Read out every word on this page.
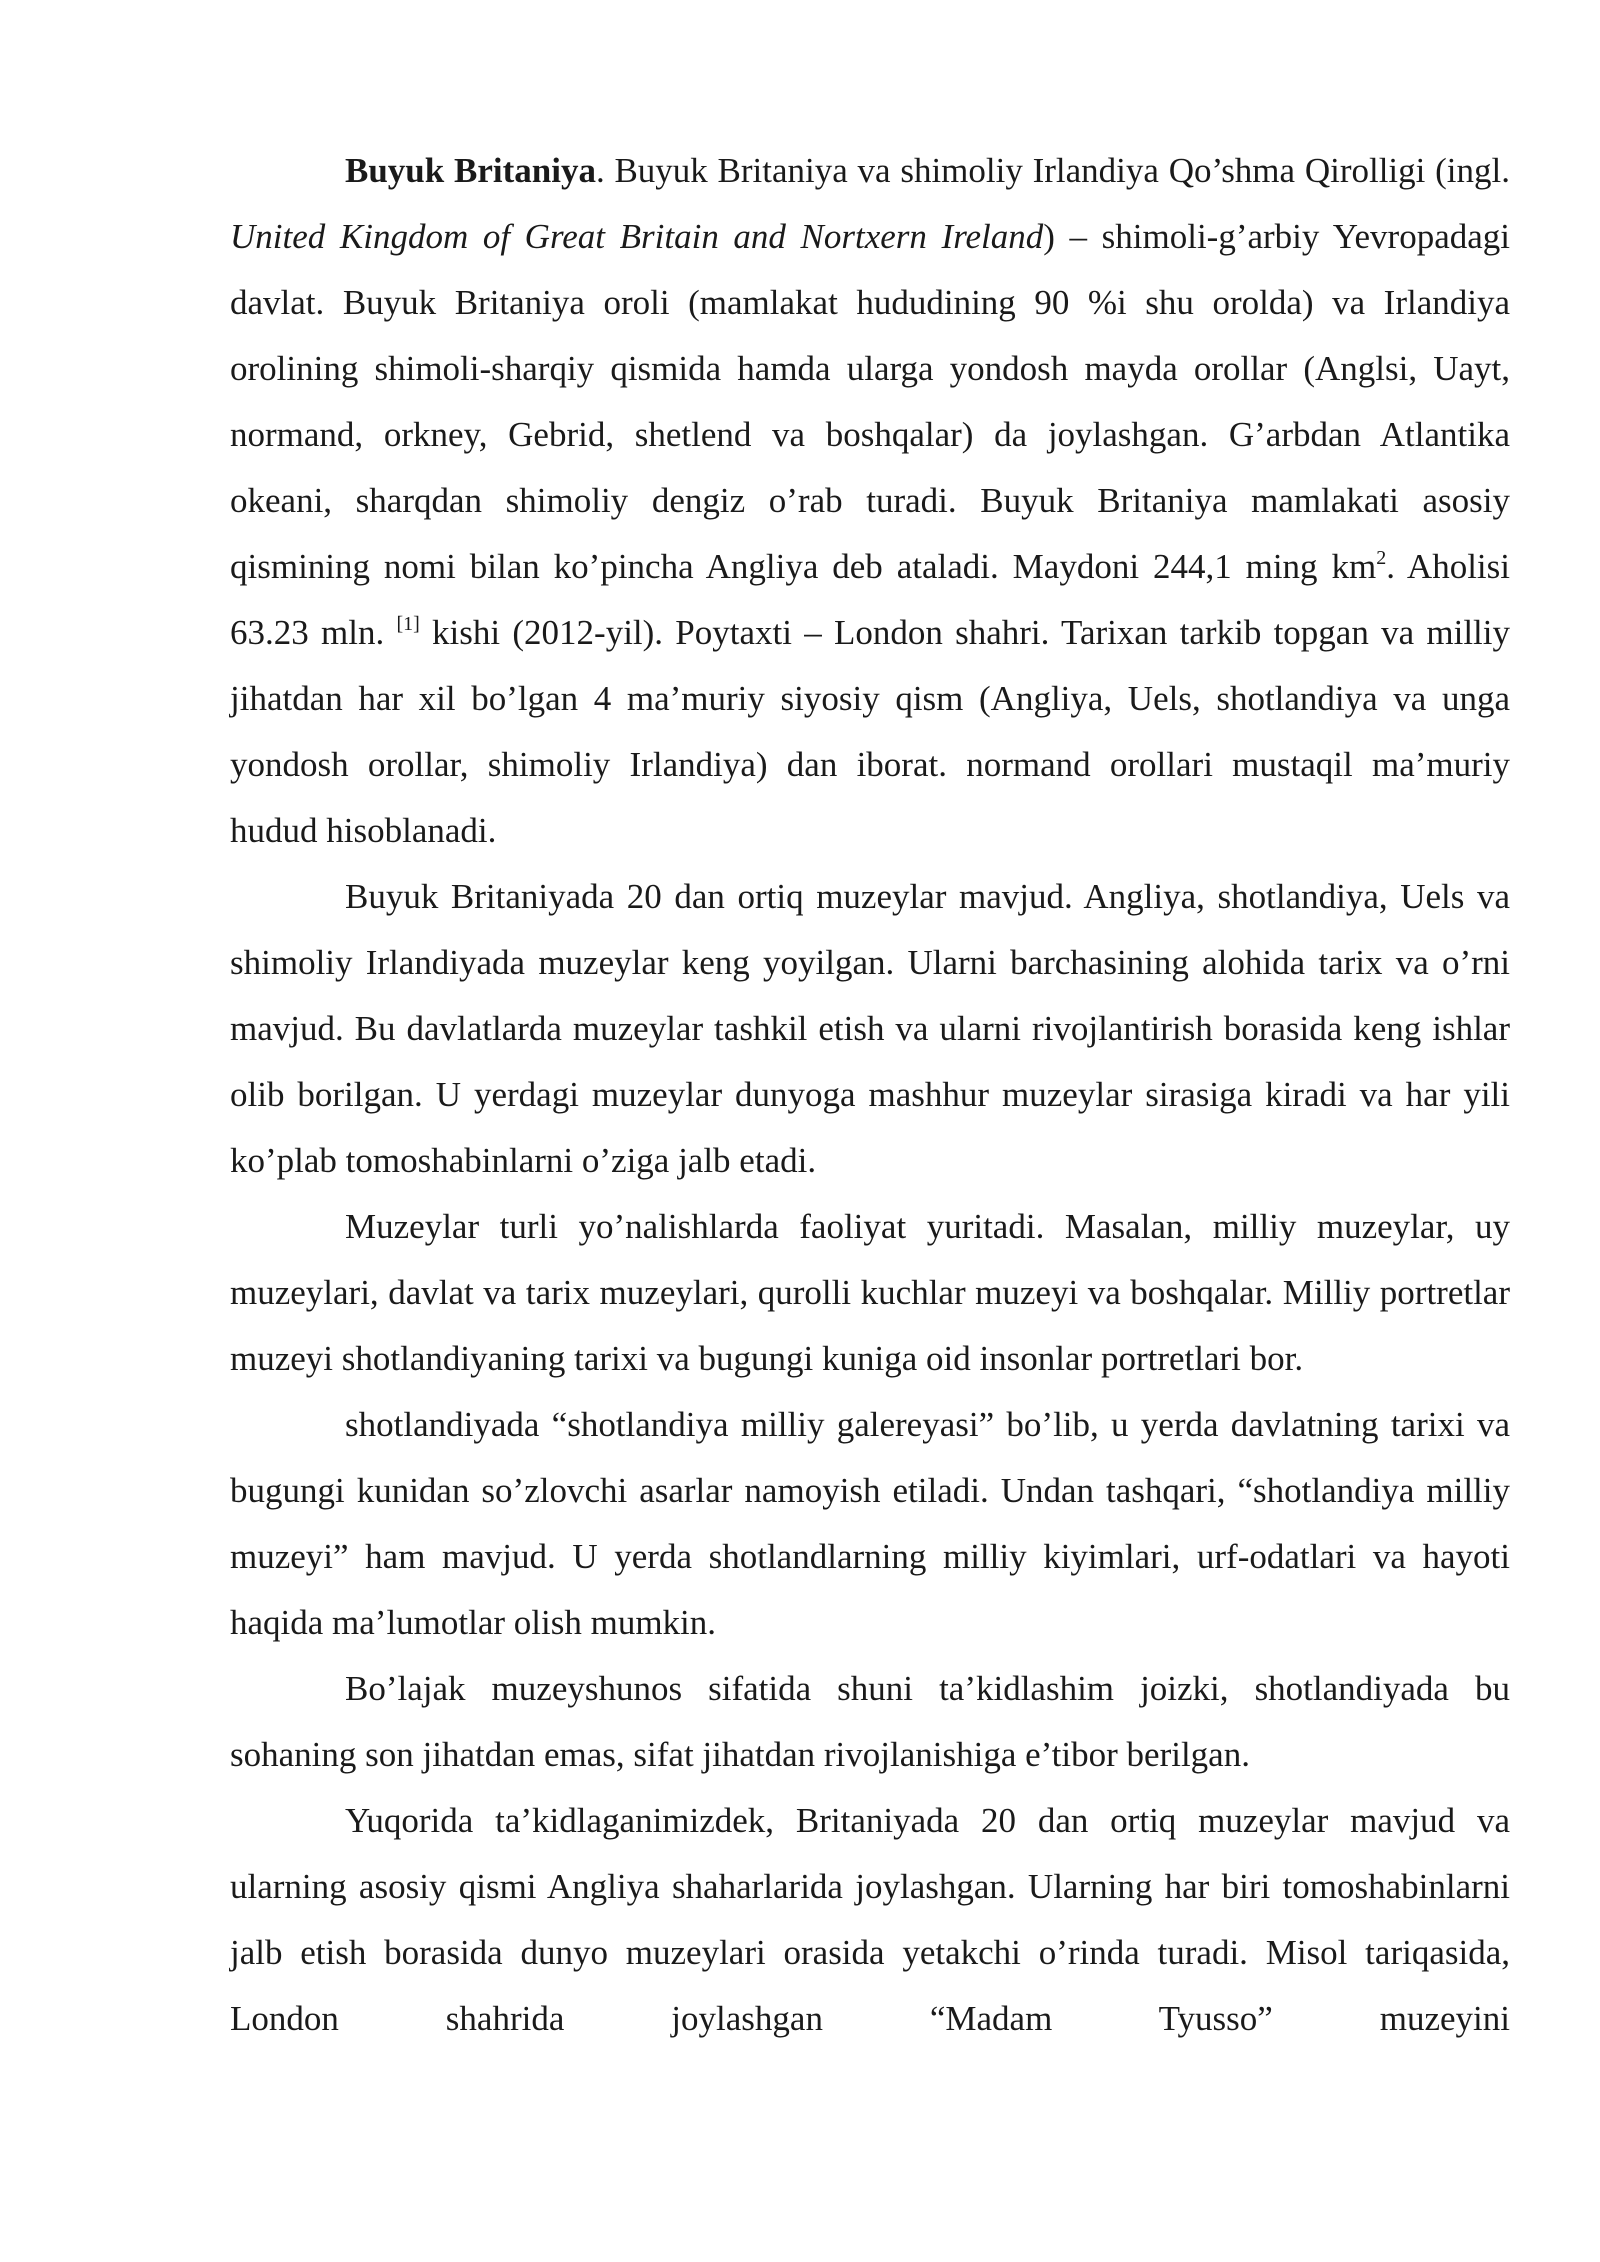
Buyuk Britaniya. Buyuk Britaniya va shimoliy Irlandiya Qo’shma Qirolligi (ingl. United Kingdom of Great Britain and Nortxern Ireland) – shimoli-g’arbiy Yevropadagi davlat. Buyuk Britaniya oroli (mamlakat hududining 90 %i shu orolda) va Irlandiya orolining shimoli-sharqiy qismida hamda ularga yondosh mayda orollar (Anglsi, Uayt, normand, orkney, Gebrid, shetlend va boshqalar) da joylashgan. G’arbdan Atlantika okeani, sharqdan shimoliy dengiz o’rab turadi. Buyuk Britaniya mamlakati asosiy qismining nomi bilan ko’pincha Angliya deb ataladi. Maydoni 244,1 ming $km^2$. Aholisi 63.23 mln. [1] kishi (2012-yil). Poytaxti – London shahri. Tarixan tarkib topgan va milliy jihatdan har xil bo’lgan 4 ma’muriy siyosiy qism (Angliya, Uels, shotlandiya va unga yondosh orollar, shimoliy Irlandiya) dan iborat. normand orollari mustaqil ma’muriy hudud hisoblanadi.

Buyuk Britaniyada 20 dan ortiq muzeylar mavjud. Angliya, shotlandiya, Uels va shimoliy Irlandiyada muzeylar keng yoyilgan. Ularni barchasining alohida tarix va o’rni mavjud. Bu davlatlarda muzeylar tashkil etish va ularni rivojlantirish borasida keng ishlar olib borilgan. U yerdagi muzeylar dunyoga mashhur muzeylar sirasiga kiradi va har yili ko’plab tomoshabinlarni o’ziga jalb etadi.

Muzeylar turli yo’nalishlarda faoliyat yuritadi. Masalan, milliy muzeylar, uy muzeylari, davlat va tarix muzeylari, qurolli kuchlar muzeyi va boshqalar. Milliy portretlar muzeyi shotlandiyaning tarixi va bugungi kuniga oid insonlar portretlari bor.

shotlandiyada “shotlandiya milliy galereyasi” bo’lib, u yerda davlatning tarixi va bugungi kunidan so’zlovchi asarlar namoyish etiladi. Undan tashqari, “shotlandiya milliy muzeyi” ham mavjud. U yerda shotlandlarning milliy kiyimlari, urf-odatlari va hayoti haqida ma’lumotlar olish mumkin.

Bo’lajak muzeyshunos sifatida shuni ta’kidlashim joizki, shotlandiyada bu sohaning son jihatdan emas, sifat jihatdan rivojlanishiga e’tibor berilgan.

Yuqorida ta’kidlaganimizdek, Britaniyada 20 dan ortiq muzeylar mavjud va ularning asosiy qismi Angliya shaharlarida joylashgan. Ularning har biri tomoshabinlarni jalb etish borasida dunyo muzeylari orasida yetakchi o’rinda turadi. Misol tariqasida, London shahrida joylashgan “Madam Tyusso” muzeyini
